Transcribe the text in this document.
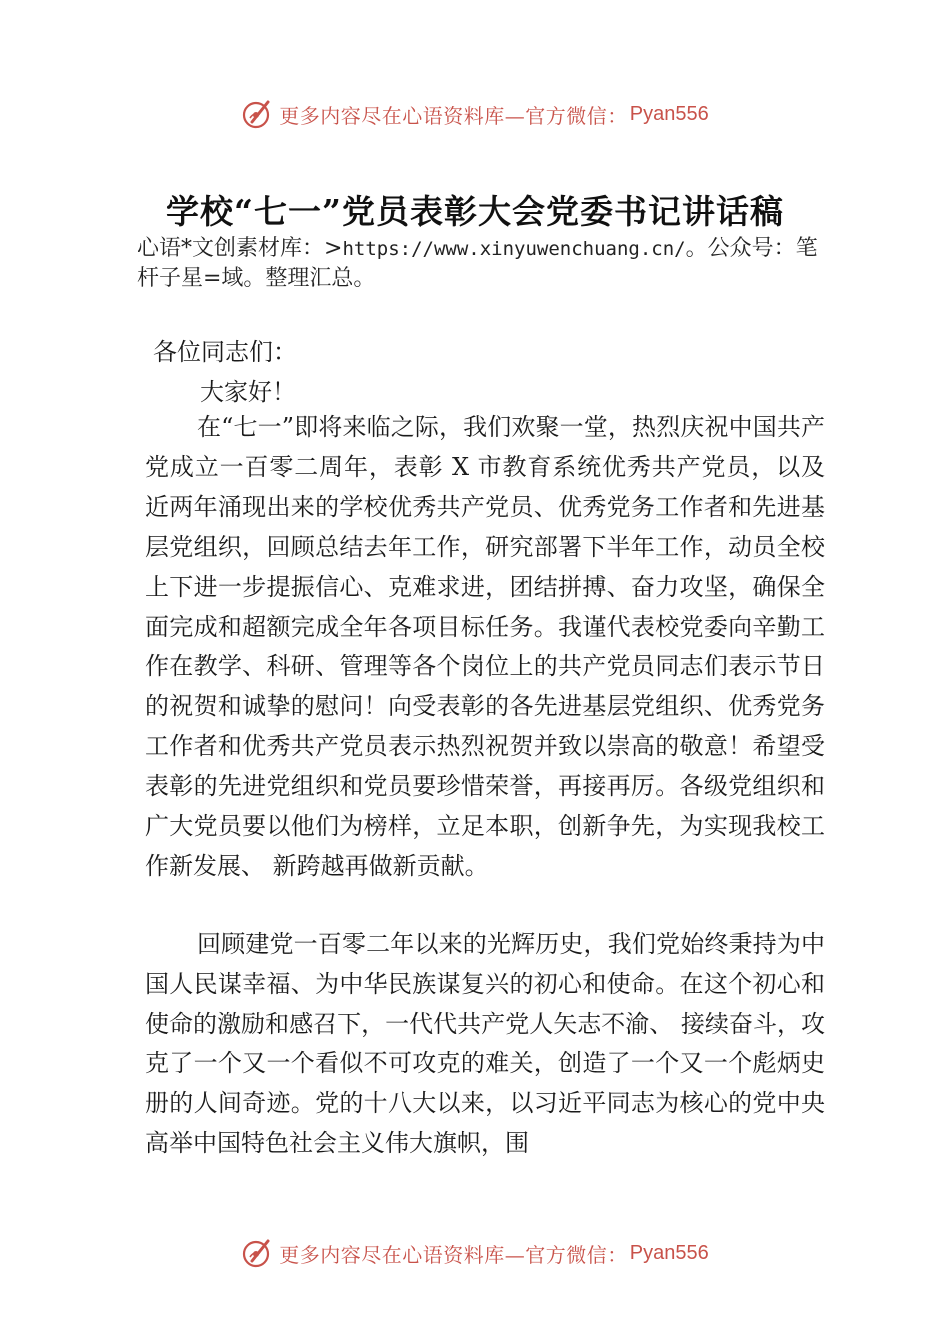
更多内容尽在心语资料库—官方微信： Pyan556
学校“七一”党员表彰大会党委书记讲话稿
心语*文创素材库：>https://www.xinyuwenchuang.cn/。公众号：笔杆子星=域。整理汇总。

各位同志们：

大家好！

在“七一”即将来临之际，我们欢聚一堂，热烈庆祝中国共产党成立一百零二周年，表彰 X 市教育系统优秀共产党员，以及近两年涌现出来的学校优秀共产党员、优秀党务工作者和先进基层党组织，回顾总结去年工作，研究部署下半年工作，动员全校上下进一步提振信心、克难求进，团结拼搏、奋力攻坚，确保全面完成和超额完成全年各项目标任务。我谨代表校党委向辛勤工作在教学、科研、管理等各个岗位上的共产党员同志们表示节日的祝贺和诚挚的慰问！向受表彰的各先进基层党组织、优秀党务工作者和优秀共产党员表示热烈祝贺并致以崇高的敬意！希望受表彰的先进党组织和党员要珍惜荣誉，再接再厉。各级党组织和广大党员要以他们为榜样，立足本职，创新争先，为实现我校工作新发展、 新跨越再做新贡献。

回顾建党一百零二年以来的光辉历史，我们党始终秉持为中国人民谋幸福、为中华民族谋复兴的初心和使命。在这个初心和使命的激励和感召下，一代代共产党人矢志不渝、 接续奋斗，攻克了一个又一个看似不可攻克的难关，创造了一个又一个彪炳史册的人间奇迹。党的十八大以来，以习近平同志为核心的党中央高举中国特色社会主义伟大旗帜，围

更多内容尽在心语资料库—官方微信： Pyan556
